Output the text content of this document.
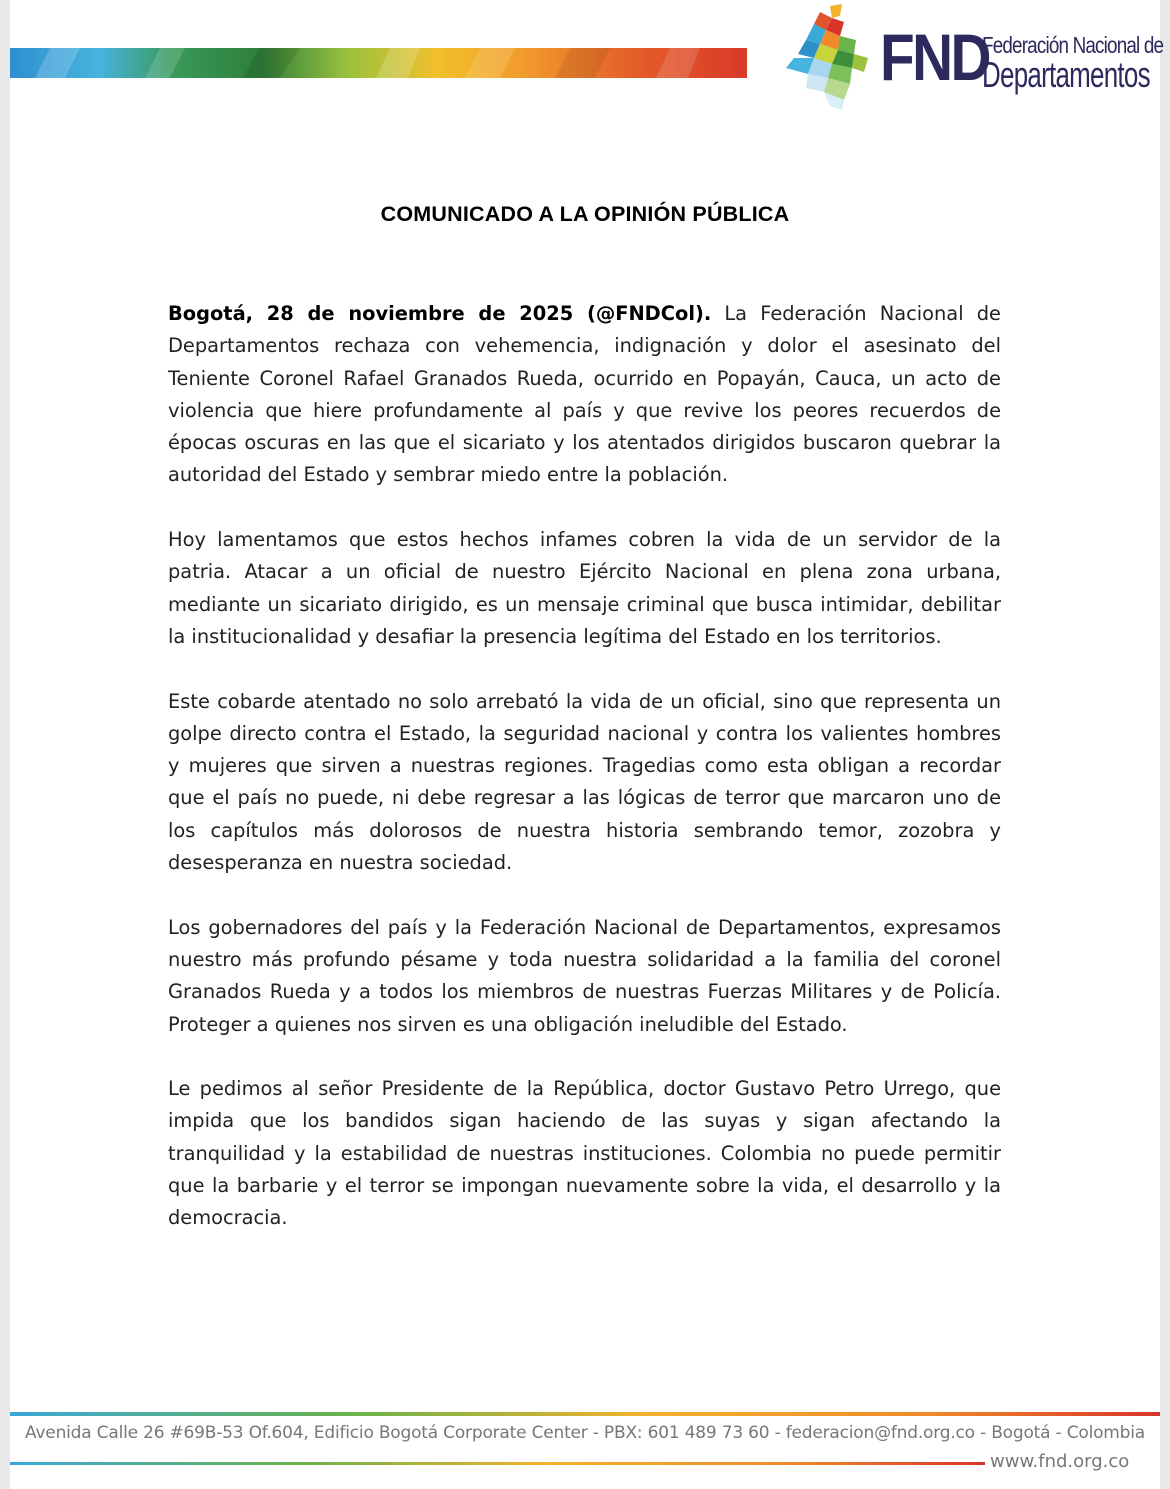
FND
Federación Nacional de
Departamentos
COMUNICADO A LA OPINIÓN PÚBLICA

Bogotá, 28 de noviembre de 2025 (@FNDCol). La Federación Nacional de Departamentos rechaza con vehemencia, indignación y dolor el asesinato del Teniente Coronel Rafael Granados Rueda, ocurrido en Popayán, Cauca, un acto de violencia que hiere profundamente al país y que revive los peores recuerdos de épocas oscuras en las que el sicariato y los atentados dirigidos buscaron quebrar la autoridad del Estado y sembrar miedo entre la población.

Hoy lamentamos que estos hechos infames cobren la vida de un servidor de la patria. Atacar a un oficial de nuestro Ejército Nacional en plena zona urbana, mediante un sicariato dirigido, es un mensaje criminal que busca intimidar, debilitar la institucionalidad y desafiar la presencia legítima del Estado en los territorios.

Este cobarde atentado no solo arrebató la vida de un oficial, sino que representa un golpe directo contra el Estado, la seguridad nacional y contra los valientes hombres y mujeres que sirven a nuestras regiones. Tragedias como esta obligan a recordar que el país no puede, ni debe regresar a las lógicas de terror que marcaron uno de los capítulos más dolorosos de nuestra historia sembrando temor, zozobra y desesperanza en nuestra sociedad.

Los gobernadores del país y la Federación Nacional de Departamentos, expresamos nuestro más profundo pésame y toda nuestra solidaridad a la familia del coronel Granados Rueda y a todos los miembros de nuestras Fuerzas Militares y de Policía. Proteger a quienes nos sirven es una obligación ineludible del Estado.

Le pedimos al señor Presidente de la República, doctor Gustavo Petro Urrego, que impida que los bandidos sigan haciendo de las suyas y sigan afectando la tranquilidad y la estabilidad de nuestras instituciones. Colombia no puede permitir que la barbarie y el terror se impongan nuevamente sobre la vida, el desarrollo y la democracia.

Avenida Calle 26 #69B-53 Of.604, Edificio Bogotá Corporate Center - PBX: 601 489 73 60 - federacion@fnd.org.co - Bogotá - Colombia
www.fnd.org.co
